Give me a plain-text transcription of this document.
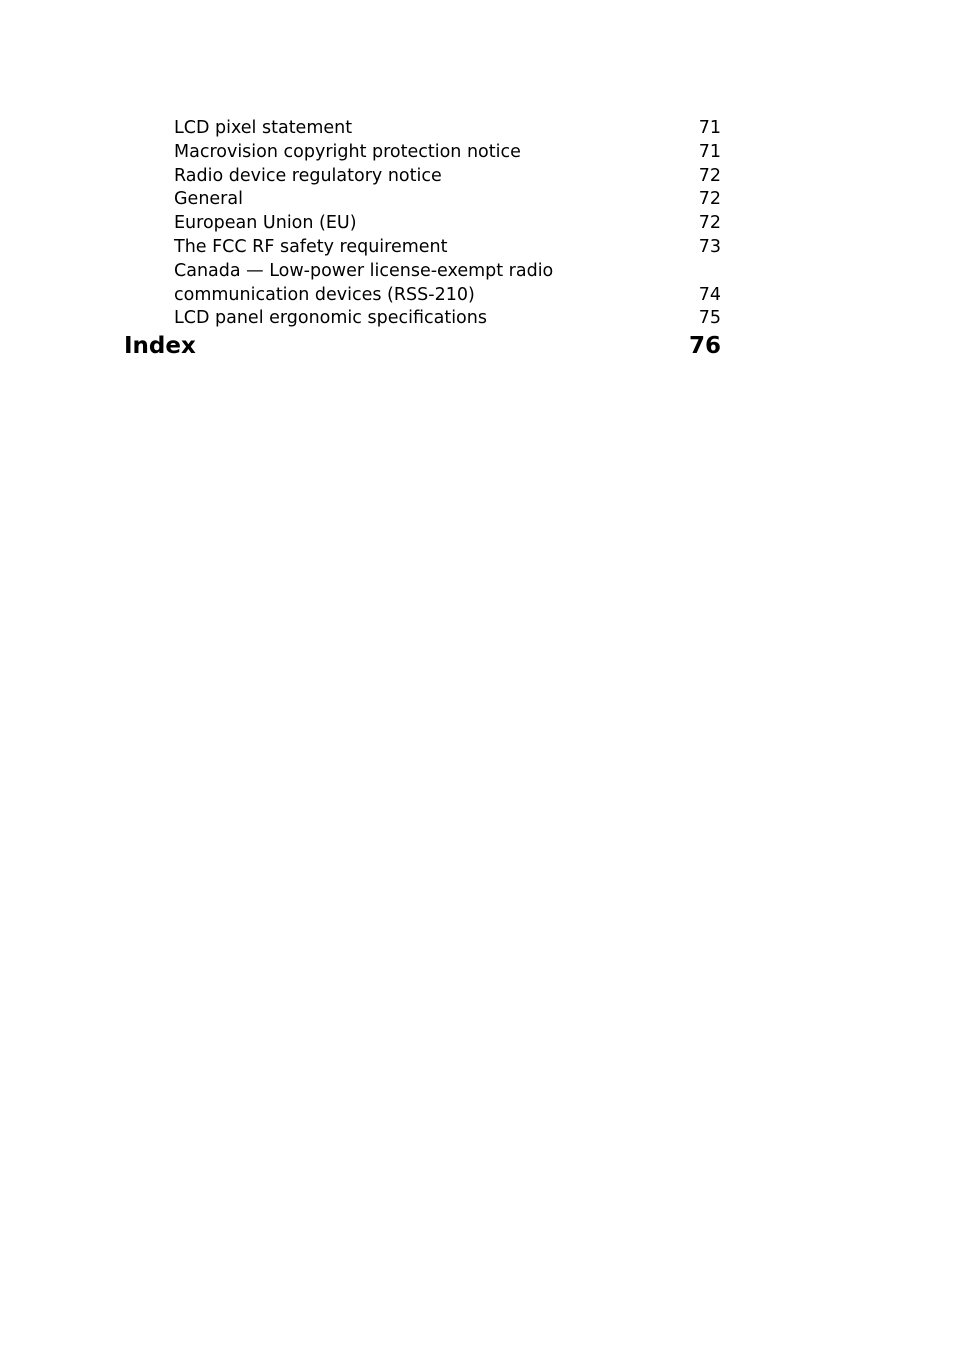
LCD pixel statement	71
Macrovision copyright protection notice	71
Radio device regulatory notice	72
General	72
European Union (EU)	72
The FCC RF safety requirement	73
Canada — Low-power license-exempt radio communication devices (RSS-210)	74
LCD panel ergonomic specifications	75
Index	76
